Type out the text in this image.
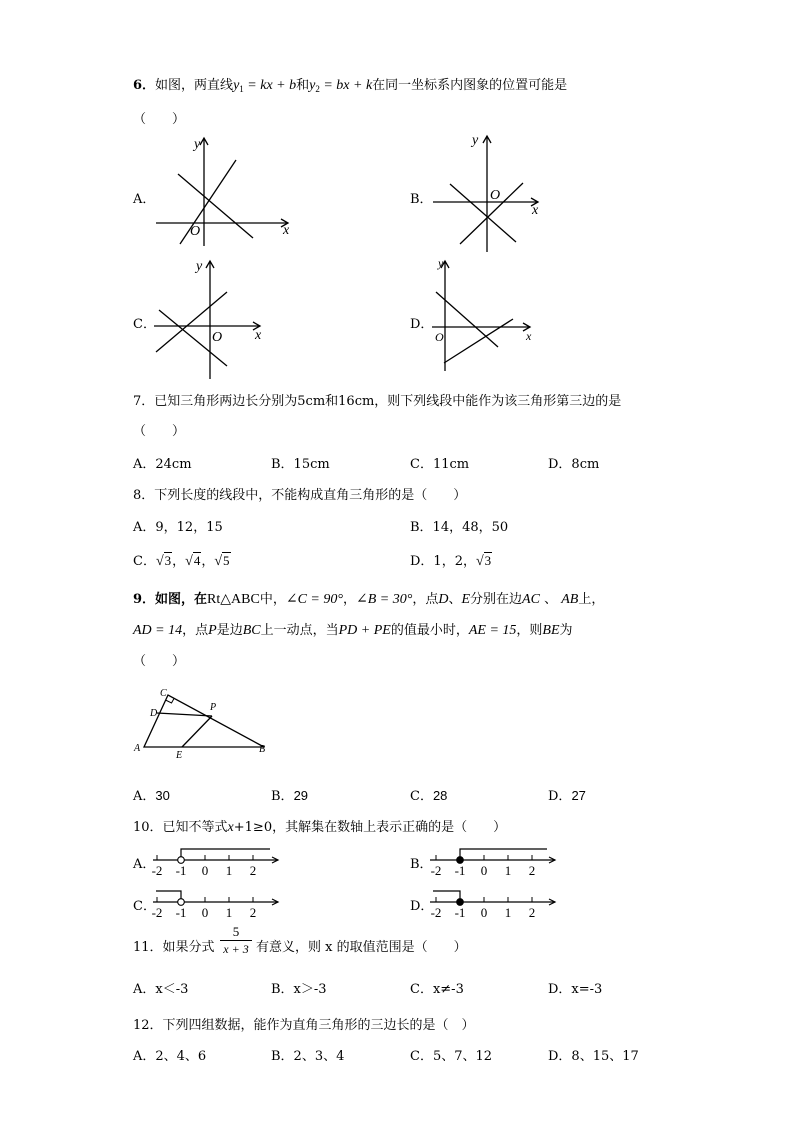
6．如图，两直线$y_1$ = kx + b和$y_2$ = bx + k在同一坐标系内图象的位置可能是
（　　）
A．
O	x
y
B．	O
x
y
C．
O x
y
D．
O	x
y
7．已知三角形两边长分别为5cm和16cm，则下列线段中能作为该三角形第三边的是
（　　）
A．24cm	B．15cm	C．11cm	D．8cm
8．下列长度的线段中，不能构成直角三角形的是（　　）
A．9，12，15	B．14，48，50
C．√3，√4，√5	D．1，2，√3
9．如图，在Rt△ABC中，∠C = 90°，∠B = 30°，点D、E分别在边AC 、 AB上，
AD = 14，点P是边BC上一动点，当PD + PE的值最小时，AE = 15，则BE为
（　　）
C
D
P
A
E
B
A．30	B．29	C．28	D．27
10．已知不等式x+1≥0，其解集在数轴上表示正确的是（　　）
A．	B．
C．	D．
-2 -1 0 1 2	-2 -1 0 1 2
-2 -1 0 1 2	-2 -1 0 1 2
11．如果分式
5
x + 3 有意义，则 x 的取值范围是（　　）
A．x＜-3	B．x＞-3	C．x≠-3	D．x=-3
12．下列四组数据，能作为直角三角形的三边长的是（　）
A．2、4、6	B．2、3、4	C．5、7、12	D．8、15、17
